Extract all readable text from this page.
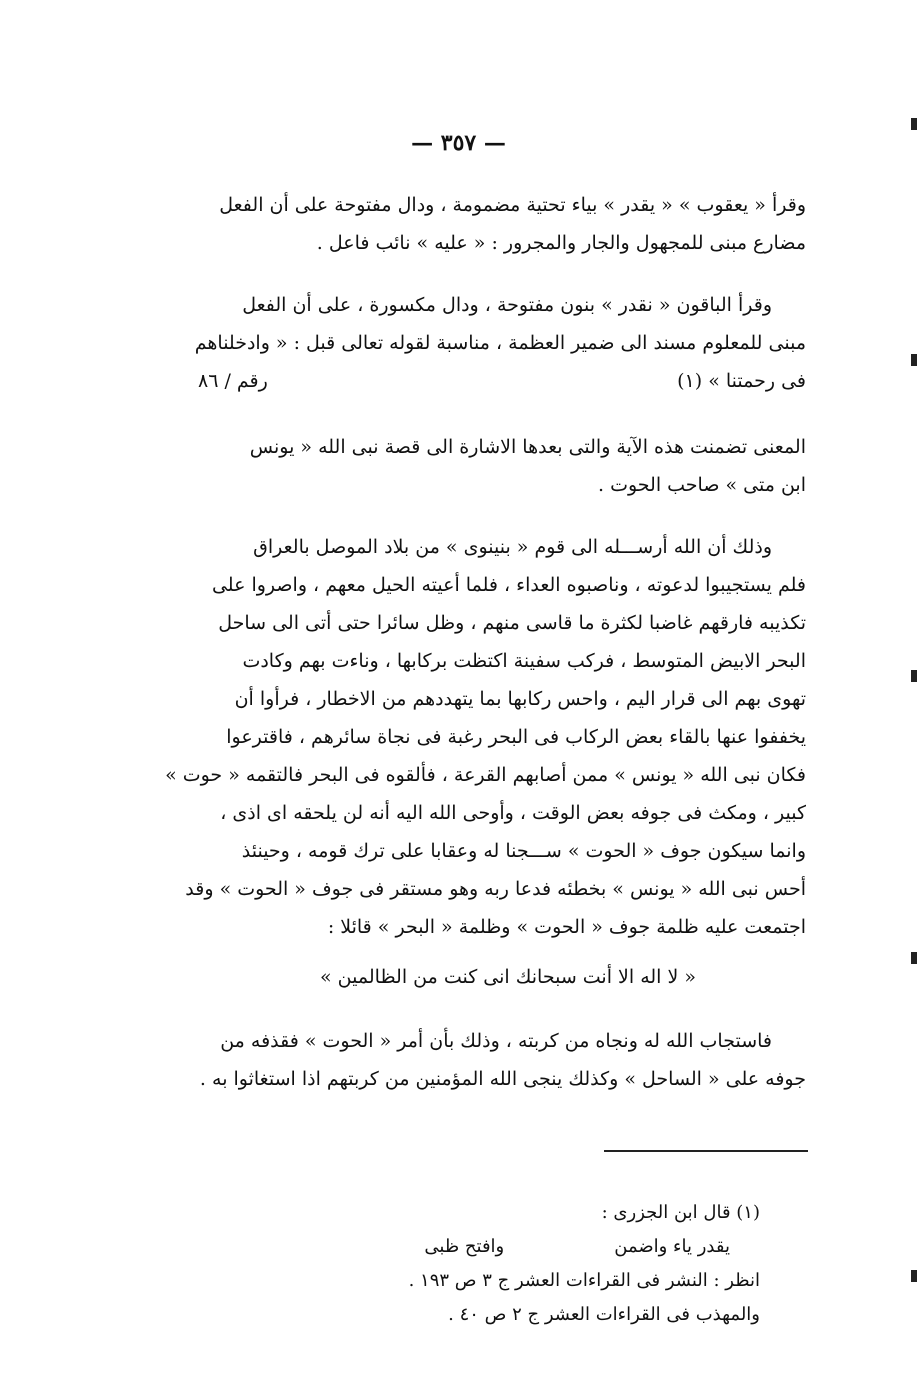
— ٣٥٧ —
وقرأ « يعقوب » « يقدر » بياء تحتية مضمومة ، ودال مفتوحة على أن الفعل
مضارع مبنى للمجهول والجار والمجرور : « عليه » نائب فاعل .
وقرأ الباقون « نقدر » بنون مفتوحة ، ودال مكسورة ، على أن الفعل
مبنى للمعلوم مسند الى ضمير العظمة ، مناسبة لقوله تعالى قبل : « وادخلناهم
فى رحمتنا » (١)
رقم / ٨٦
المعنى تضمنت هذه الآية والتى بعدها الاشارة الى قصة نبى الله « يونس
ابن متى » صاحب الحوت .
وذلك أن الله أرســـله الى قوم « بنينوى » من بلاد الموصل بالعراق
فلم يستجيبوا لدعوته ، وناصبوه العداء ، فلما أعيته الحيل معهم ، واصروا على
تكذيبه فارقهم غاضبا لكثرة ما قاسى منهم ، وظل سائرا حتى أتى الى ساحل
البحر الابيض المتوسط ، فركب سفينة اكتظت بركابها ، وناءت بهم وكادت
تهوى بهم الى قرار اليم ، واحس ركابها بما يتهددهم من الاخطار ، فرأوا أن
يخففوا عنها بالقاء بعض الركاب فى البحر رغبة فى نجاة سائرهم ، فاقترعوا
فكان نبى الله « يونس » ممن أصابهم القرعة ، فألقوه فى البحر فالتقمه « حوت »
كبير ، ومكث فى جوفه بعض الوقت ، وأوحى الله اليه أنه لن يلحقه اى اذى ،
وانما سيكون جوف « الحوت » ســـجنا له وعقابا على ترك قومه ، وحينئذ
أحس نبى الله « يونس » بخطئه فدعا ربه وهو مستقر فى جوف « الحوت » وقد
اجتمعت عليه ظلمة جوف « الحوت » وظلمة « البحر » قائلا :
« لا اله الا أنت سبحانك انى كنت من الظالمين »
فاستجاب الله له ونجاه من كربته ، وذلك بأن أمر « الحوت » فقذفه من
جوفه على « الساحل » وكذلك ينجى الله المؤمنين من كربتهم اذا استغاثوا به .
(١) قال ابن الجزرى :
يقدر ياء واضمن
وافتح ظبى
انظر : النشر فى القراءات العشر ج ٣ ص ١٩٣ .
والمهذب فى القراءات العشر ج ٢ ص ٤٠ .
